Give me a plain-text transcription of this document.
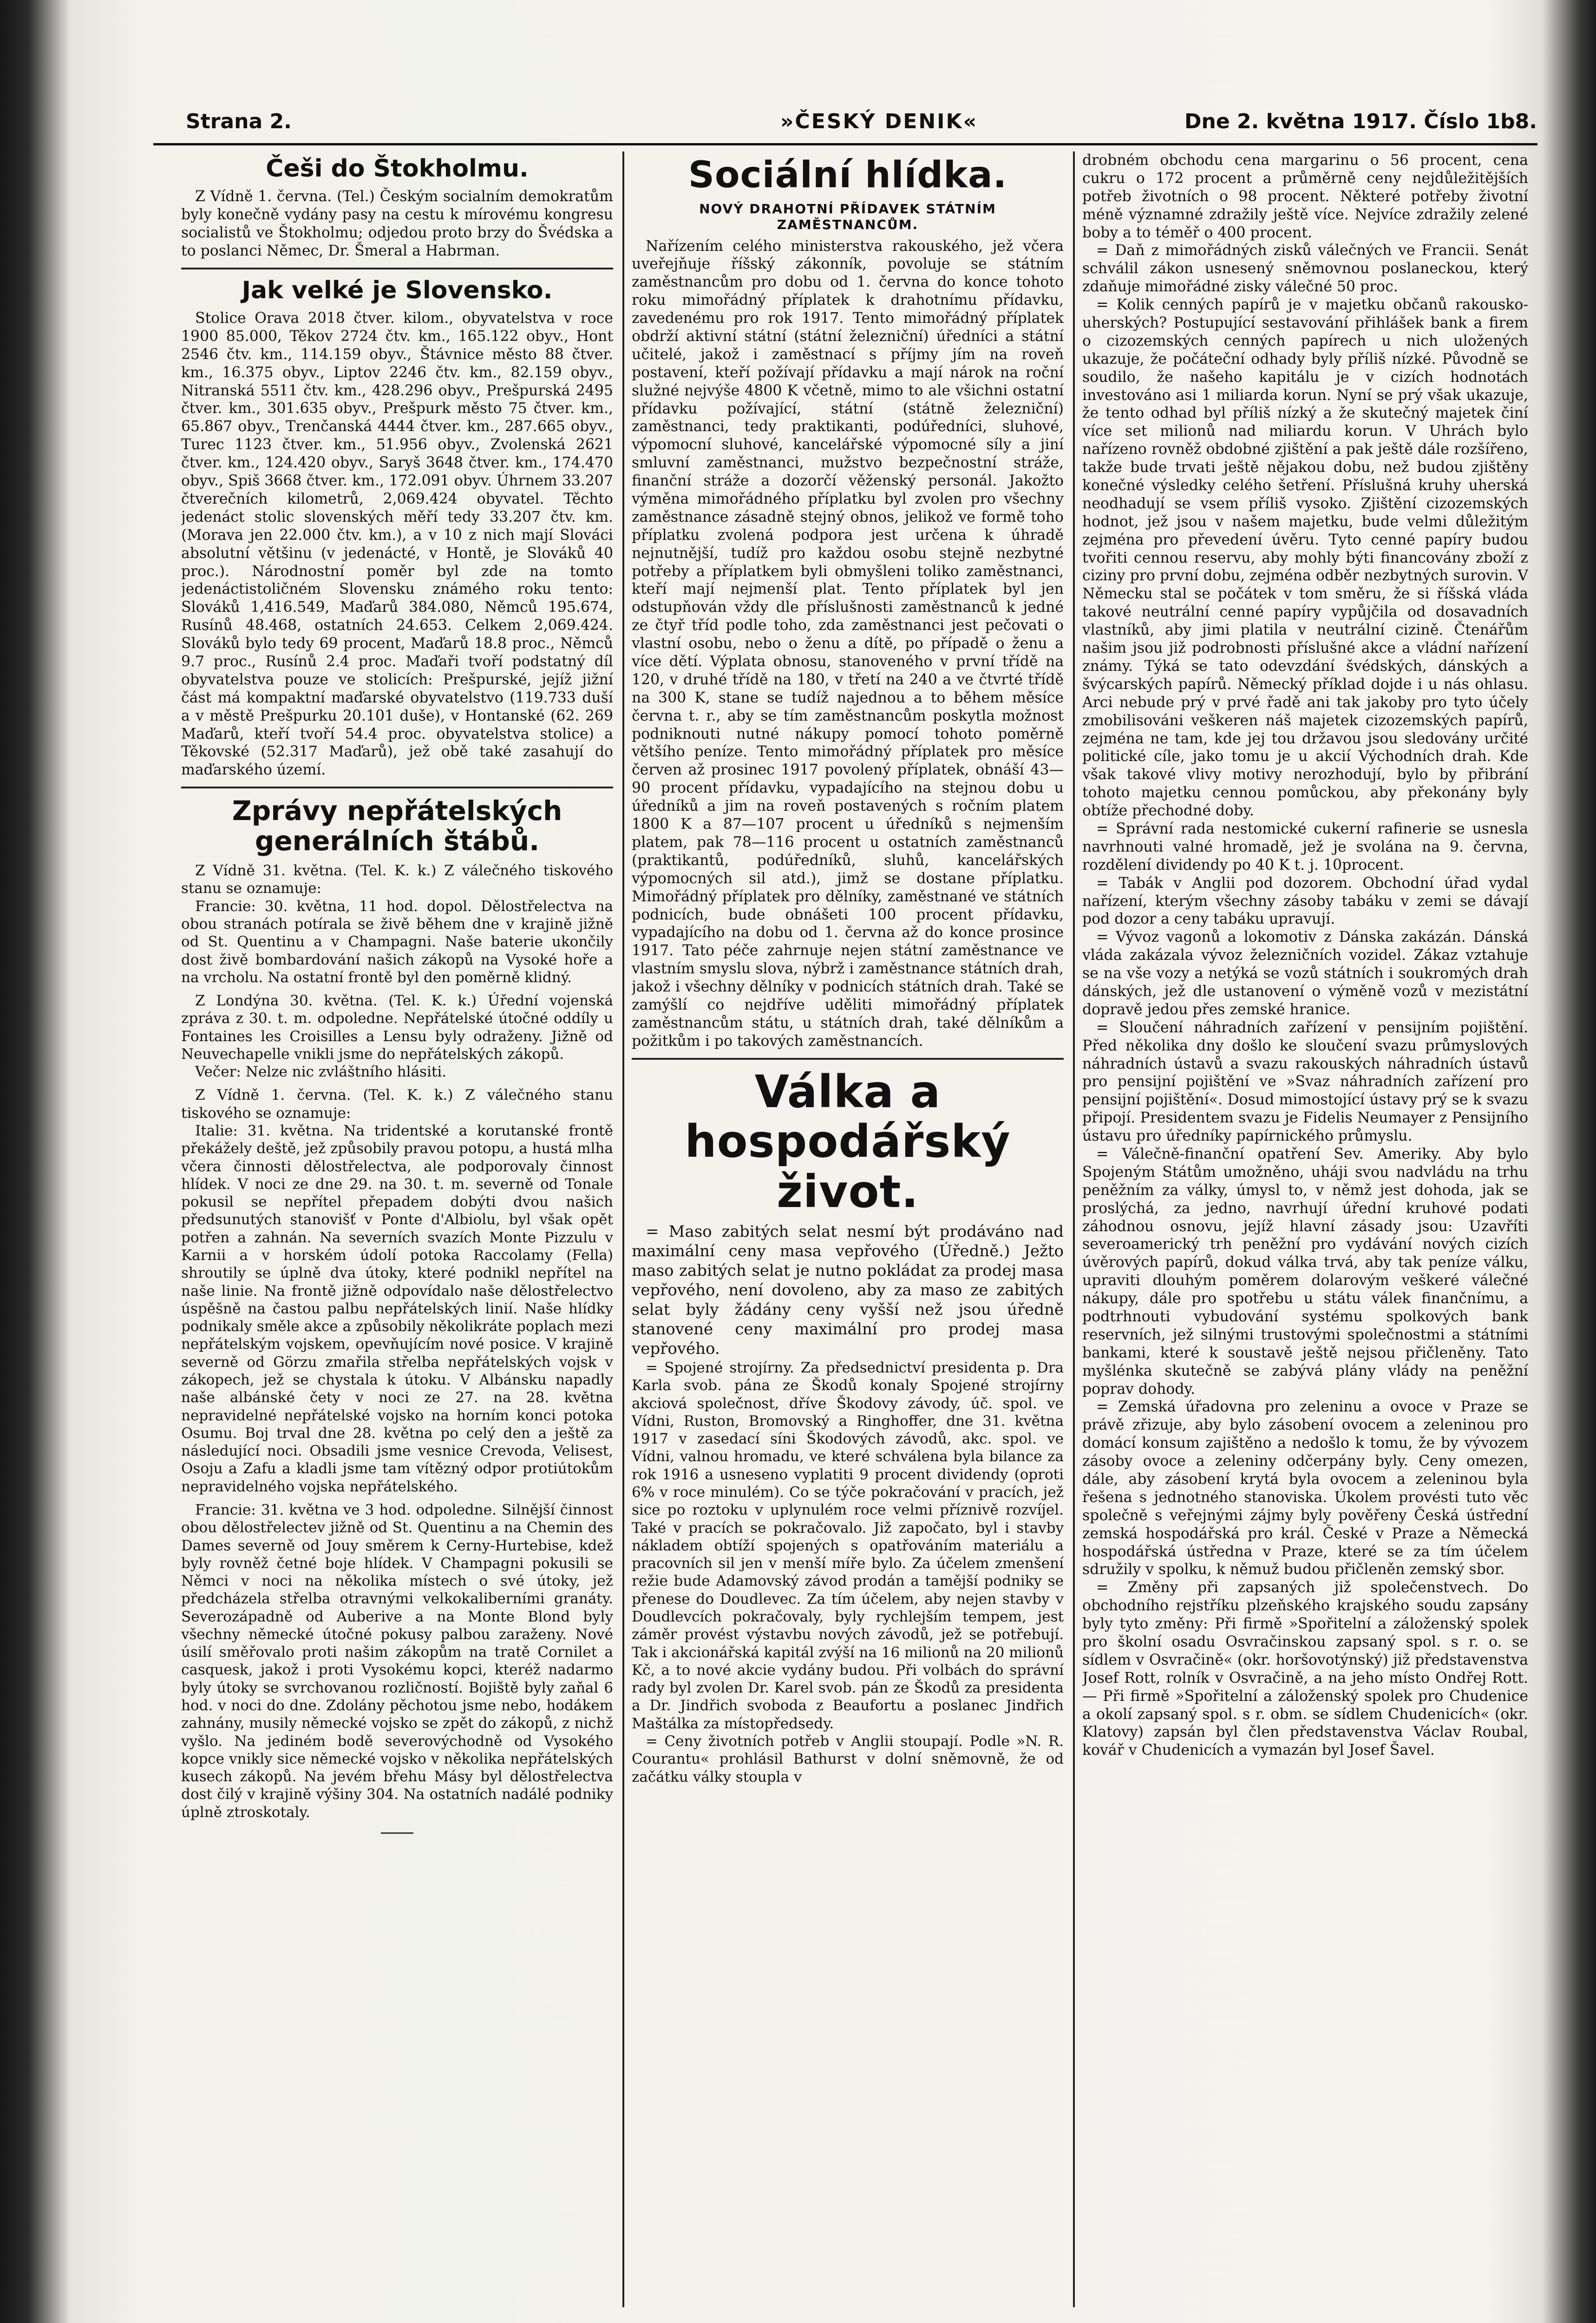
Strana 2.	»ČESKÝ DENIK«	Dne 2. května 1917. Číslo 1b8.
Češi do Štokholmu.

Z Vídně 1. června. (Tel.) Českým socialním demokratům byly konečně vydány pasy na cestu k mírovému kongresu socialistů ve Štokholmu; odjedou proto brzy do Švédska a to poslanci Němec, Dr. Šmeral a Habrman.

Jak velké je Slovensko.

Stolice Orava 2018 čtver. kilom., obyvatelstva v roce 1900 85.000, Těkov 2724 čtv. km., 165.122 obyv., Hont 2546 čtv. km., 114.159 obyv., Štávnice město 88 čtver. km., 16.375 obyv., Liptov 2246 čtv. km., 82.159 obyv., Nitranská 5511 čtv. km., 428.296 obyv., Prešpurská 2495 čtver. km., 301.635 obyv., Prešpurk město 75 čtver. km., 65.867 obyv., Trenčanská 4444 čtver. km., 287.665 obyv., Turec 1123 čtver. km., 51.956 obyv., Zvolenská 2621 čtver. km., 124.420 obyv., Saryš 3648 čtver. km., 174.470 obyv., Spiš 3668 čtver. km., 172.091 obyv. Úhrnem 33.207 čtverečních kilometrů, 2,069.424 obyvatel. Těchto jedenáct stolic slovenských měří tedy 33.207 čtv. km. (Morava jen 22.000 čtv. km.), a v 10 z nich mají Slováci absolutní většinu (v jedenácté, v Hontě, je Slováků 40 proc.). Národnostní poměr byl zde na tomto jedenáctistoličném Slovensku známého roku tento: Slováků 1,416.549, Maďarů 384.080, Němců 195.674, Rusínů 48.468, ostatních 24.653. Celkem 2,069.424. Slováků bylo tedy 69 procent, Maďarů 18.8 proc., Němců 9.7 proc., Rusínů 2.4 proc. Maďaři tvoří podstatný díl obyvatelstva pouze ve stolicích: Prešpurské, jejíž jižní část má kompaktní maďarské obyvatelstvo (119.733 duší a v městě Prešpurku 20.101 duše), v Hontanské (62. 269 Maďarů, kteří tvoří 54.4 proc. obyvatelstva stolice) a Těkovské (52.317 Maďarů), jež obě také zasahují do maďarského území.

Zprávy nepřátelských generálních štábů.

Z Vídně 31. května. (Tel. K. k.) Z válečného tiskového stanu se oznamuje:

Francie: 30. května, 11 hod. dopol. Dělostřelectva na obou stranách potírala se živě během dne v krajině jižně od St. Quentinu a v Champagni. Naše baterie ukončily dost živě bombardování našich zákopů na Vysoké hoře a na vrcholu. Na ostatní frontě byl den poměrně klidný.

Z Londýna 30. května. (Tel. K. k.) Úřední vojenská zpráva z 30. t. m. odpoledne. Nepřátelské útočné oddíly u Fontaines les Croisilles a Lensu byly odraženy. Jižně od Neuvechapelle vnikli jsme do nepřátelských zákopů.

Večer: Nelze nic zvláštního hlásiti.

Z Vídně 1. června. (Tel. K. k.) Z válečného stanu tiskového se oznamuje:

Italie: 31. května. Na tridentské a korutanské frontě překážely deště, jež způsobily pravou potopu, a hustá mlha včera činnosti dělostřelectva, ale podporovaly činnost hlídek. V noci ze dne 29. na 30. t. m. severně od Tonale pokusil se nepřítel přepadem dobýti dvou našich předsunutých stanovišť v Ponte d'Albiolu, byl však opět potřen a zahnán. Na severních svazích Monte Pizzulu v Karnii a v horském údolí potoka Raccolamy (Fella) shroutily se úplně dva útoky, které podnikl nepřítel na naše linie. Na frontě jižně odpovídalo naše dělostřelectvo úspěšně na častou palbu nepřátelských linií. Naše hlídky podnikaly směle akce a způsobily několikráte poplach mezi nepřátelským vojskem, opevňujícím nové posice. V krajině severně od Görzu zmařila střelba nepřátelských vojsk v zákopech, jež se chystala k útoku. V Albánsku napadly naše albánské čety v noci ze 27. na 28. května nepravidelné nepřátelské vojsko na horním konci potoka Osumu. Boj trval dne 28. května po celý den a ještě za následující noci. Obsadili jsme vesnice Crevoda, Velisest, Osoju a Zafu a kladli jsme tam vítězný odpor protiútokům nepravidelného vojska nepřátelského.

Francie: 31. května ve 3 hod. odpoledne. Silnější činnost obou dělostřelectev jižně od St. Quentinu a na Chemin des Dames severně od Jouy směrem k Cerny-Hurtebise, kdež byly rovněž četné boje hlídek. V Champagni pokusili se Němci v noci na několika místech o své útoky, jež předcházela střelba otravnými velkokaliberními granáty. Severozápadně od Auberive a na Monte Blond byly všechny německé útočné pokusy palbou zaraženy. Nové úsilí směřovalo proti našim zákopům na tratě Cornilet a casquesk, jakož i proti Vysokému kopci, kteréž nadarmo byly útoky se svrchovanou rozličností. Bojiště byly zaňal 6 hod. v noci do dne. Zdolány pěchotou jsme nebo, hodákem zahnány, musily německé vojsko se zpět do zákopů, z nichž vyšlo. Na jediném bodě severovýchodně od Vysokého kopce vnikly sice německé vojsko v několika nepřátelských kusech zákopů. Na jevém břehu Másy byl dělostřelectva dost čilý v krajině výšiny 304. Na ostatních nadálé podniky úplně ztroskotaly.

Sociální hlídka.
NOVÝ DRAHOTNÍ PŘÍDAVEK STÁTNÍM ZAMĚSTNANCŮM.

Nařízením celého ministerstva rakouského, jež včera uveřejňuje říšský zákonník, povoluje se státním zaměstnancům pro dobu od 1. června do konce tohoto roku mimořádný příplatek k drahotnímu přídavku, zavedenému pro rok 1917. Tento mimořádný příplatek obdrží aktivní státní (státní železniční) úředníci a státní učitelé, jakož i zaměstnací s příjmy jím na roveň postavení, kteří požívají přídavku a mají nárok na roční služné nejvýše 4800 K včetně, mimo to ale všichni ostatní přídavku požívající, státní (státně železniční) zaměstnanci, tedy praktikanti, podúředníci, sluhové, výpomocní sluhové, kancelářské výpomocné síly a jiní smluvní zaměstnanci, mužstvo bezpečnostní stráže, finanční stráže a dozorčí věženský personál. Jakožto výměna mimořádného příplatku byl zvolen pro všechny zaměstnance zásadně stejný obnos, jelikož ve formě toho příplatku zvolená podpora jest určena k úhradě nejnutnější, tudíž pro každou osobu stejně nezbytné potřeby a příplatkem byli obmyšleni toliko zaměstnanci, kteří mají nejmenší plat. Tento příplatek byl jen odstupňován vždy dle příslušnosti zaměstnanců k jedné ze čtyř tříd podle toho, zda zaměstnanci jest pečovati o vlastní osobu, nebo o ženu a dítě, po případě o ženu a více dětí. Výplata obnosu, stanoveného v první třídě na 120, v druhé třídě na 180, v třetí na 240 a ve čtvrté třídě na 300 K, stane se tudíž najednou a to během měsíce června t. r., aby se tím zaměstnancům poskytla možnost podniknouti nutné nákupy pomocí tohoto poměrně většího peníze. Tento mimořádný příplatek pro měsíce červen až prosinec 1917 povolený příplatek, obnáší 43—90 procent přídavku, vypadajícího na stejnou dobu u úředníků a jim na roveň postavených s ročním platem 1800 K a 87—107 procent u úředníků s nejmenším platem, pak 78—116 procent u ostatních zaměstnanců (praktikantů, podúředníků, sluhů, kancelářských výpomocných sil atd.), jimž se dostane příplatku. Mimořádný příplatek pro dělníky, zaměstnané ve státních podnicích, bude obnášeti 100 procent přídavku, vypadajícího na dobu od 1. června až do konce prosince 1917. Tato péče zahrnuje nejen státní zaměstnance ve vlastním smyslu slova, nýbrž i zaměstnance státních drah, jakož i všechny dělníky v podnicích státních drah. Také se zamýšlí co nejdříve uděliti mimořádný příplatek zaměstnancům státu, u státních drah, také dělníkům a požitkům i po takových zaměstnancích.

Válka a hospodářský život.

= Maso zabitých selat nesmí být prodáváno nad maximální ceny masa vepřového (Úředně.) Ježto maso zabitých selat je nutno pokládat za prodej masa vepřového, není dovoleno, aby za maso ze zabitých selat byly žádány ceny vyšší než jsou úředně stanovené ceny maximální pro prodej masa vepřového.

= Spojené strojírny. Za předsednictví presidenta p. Dra Karla svob. pána ze Škodů konaly Spojené strojírny akciová společnost, dříve Škodovy závody, úč. spol. ve Vídni, Ruston, Bromovský a Ringhoffer, dne 31. května 1917 v zasedací síni Škodových závodů, akc. spol. ve Vídni, valnou hromadu, ve které schválena byla bilance za rok 1916 a usneseno vyplatiti 9 procent dividendy (oproti 6% v roce minulém). Co se týče pokračování v pracích, jež sice po roztoku v uplynulém roce velmi příznivě rozvíjel. Také v pracích se pokračovalo. Již započato, byl i stavby nákladem obtíží spojených s opatřováním materiálu a pracovních sil jen v menší míře bylo. Za účelem zmenšení režie bude Adamovský závod prodán a tamější podniky se přenese do Doudlevec. Za tím účelem, aby nejen stavby v Doudlevcích pokračovaly, byly rychlejším tempem, jest záměr provést výstavbu nových závodů, jež se potřebují. Tak i akcionářská kapitál zvýší na 16 milionů na 20 milionů Kč, a to nové akcie vydány budou. Při volbách do správní rady byl zvolen Dr. Karel svob. pán ze Škodů za presidenta a Dr. Jindřich svoboda z Beaufortu a poslanec Jindřich Maštálka za místopředsedy.

= Ceny životních potřeb v Anglii stoupají. Podle »N. R. Courantu« prohlásil Bathurst v dolní sněmovně, že od začátku války stoupla v

drobném obchodu cena margarinu o 56 procent, cena cukru o 172 procent a průměrně ceny nejdůležitějších potřeb životních o 98 procent. Některé potřeby životní méně významné zdražily ještě více. Nejvíce zdražily zelené boby a to téměř o 400 procent.

= Daň z mimořádných zisků válečných ve Francii. Senát schválil zákon usnesený sněmovnou poslaneckou, který zdaňuje mimořádné zisky válečné 50 proc.

= Kolik cenných papírů je v majetku občanů rakousko-uherských? Postupující sestavování přihlášek bank a firem o cizozemských cenných papírech u nich uložených ukazuje, že počáteční odhady byly příliš nízké. Původně se soudilo, že našeho kapitálu je v cizích hodnotách investováno asi 1 miliarda korun. Nyní se prý však ukazuje, že tento odhad byl příliš nízký a že skutečný majetek činí více set milionů nad miliardu korun. V Uhrách bylo nařízeno rovněž obdobné zjištění a pak ještě dále rozšířeno, takže bude trvati ještě nějakou dobu, než budou zjištěny konečné výsledky celého šetření. Příslušná kruhy uherská neodhadují se vsem příliš vysoko. Zjištění cizozemských hodnot, jež jsou v našem majetku, bude velmi důležitým zejména pro převedení úvěru. Tyto cenné papíry budou tvořiti cennou reservu, aby mohly býti financovány zboží z ciziny pro první dobu, zejména odběr nezbytných surovin. V Německu stal se počátek v tom směru, že si říšská vláda takové neutrální cenné papíry vypůjčila od dosavadních vlastníků, aby jimi platila v neutrální cizině. Čtenářům našim jsou již podrobnosti příslušné akce a vládní nařízení známy. Týká se tato odevzdání švédských, dánských a švýcarských papírů. Německý příklad dojde i u nás ohlasu. Arci nebude prý v prvé řadě ani tak jakoby pro tyto účely zmobilisováni veškeren náš majetek cizozemských papírů, zejména ne tam, kde jej tou državou jsou sledovány určité politické cíle, jako tomu je u akcií Východních drah. Kde však takové vlivy motivy nerozhodují, bylo by přibrání tohoto majetku cennou pomůckou, aby překonány byly obtíže přechodné doby.

= Správní rada nestomické cukerní rafinerie se usnesla navrhnouti valné hromadě, jež je svolána na 9. června, rozdělení dividendy po 40 K t. j. 10procent.

= Tabák v Anglii pod dozorem. Obchodní úřad vydal nařízení, kterým všechny zásoby tabáku v zemi se dávají pod dozor a ceny tabáku upravují.

= Vývoz vagonů a lokomotiv z Dánska zakázán. Dánská vláda zakázala vývoz železničních vozidel. Zákaz vztahuje se na vše vozy a netýká se vozů státních i soukromých drah dánských, jež dle ustanovení o výměně vozů v mezistátní dopravě jedou přes zemské hranice.

= Sloučení náhradních zařízení v pensijním pojištění. Před několika dny došlo ke sloučení svazu průmyslových náhradních ústavů a svazu rakouských náhradních ústavů pro pensijní pojištění ve »Svaz náhradních zařízení pro pensijní pojištění«. Dosud mimostojící ústavy prý se k svazu připojí. Presidentem svazu je Fidelis Neumayer z Pensijního ústavu pro úředníky papírnického průmyslu.

= Válečně-finanční opatření Sev. Ameriky. Aby bylo Spojeným Státům umožněno, uháji svou nadvládu na trhu peněžním za války, úmysl to, v němž jest dohoda, jak se proslýchá, za jedno, navrhují úřední kruhové podati záhodnou osnovu, jejíž hlavní zásady jsou: Uzavříti severoamerický trh peněžní pro vydávání nových cizích úvěrových papírů, dokud válka trvá, aby tak peníze válku, upraviti dlouhým poměrem dolarovým veškeré válečné nákupy, dále pro spotřebu u státu válek finančnímu, a podtrhnouti vybudování systému spolkových bank reservních, jež silnými trustovými společnostmi a státními bankami, které k soustavě ještě nejsou přičleněny. Tato myšlénka skutečně se zabývá plány vlády na peněžní poprav dohody.

= Zemská úřadovna pro zeleninu a ovoce v Praze se právě zřizuje, aby bylo zásobení ovocem a zeleninou pro domácí konsum zajištěno a nedošlo k tomu, že by vývozem zásoby ovoce a zeleniny odčerpány byly. Ceny omezen, dále, aby zásobení krytá byla ovocem a zeleninou byla řešena s jednotného stanoviska. Úkolem provésti tuto věc společně s veřejnými zájmy byly pověřeny Česká ústřední zemská hospodářská pro král. České v Praze a Německá hospodářská ústředna v Praze, které se za tím účelem sdružily v spolku, k němuž budou přičleněn zemský sbor.

= Změny při zapsaných již společenstvech. Do obchodního rejstříku plzeňského krajského soudu zapsány byly tyto změny: Při firmě »Spořitelní a záloženský spolek pro školní osadu Osvračinskou zapsaný spol. s r. o. se sídlem v Osvračině« (okr. horšovotýnský) již představenstva Josef Rott, rolník v Osvračině, a na jeho místo Ondřej Rott. — Při firmě »Spořitelní a záloženský spolek pro Chudenice a okolí zapsaný spol. s r. obm. se sídlem Chudenicích« (okr. Klatovy) zapsán byl člen představenstva Václav Roubal, kovář v Chudenicích a vymazán byl Josef Šavel.
